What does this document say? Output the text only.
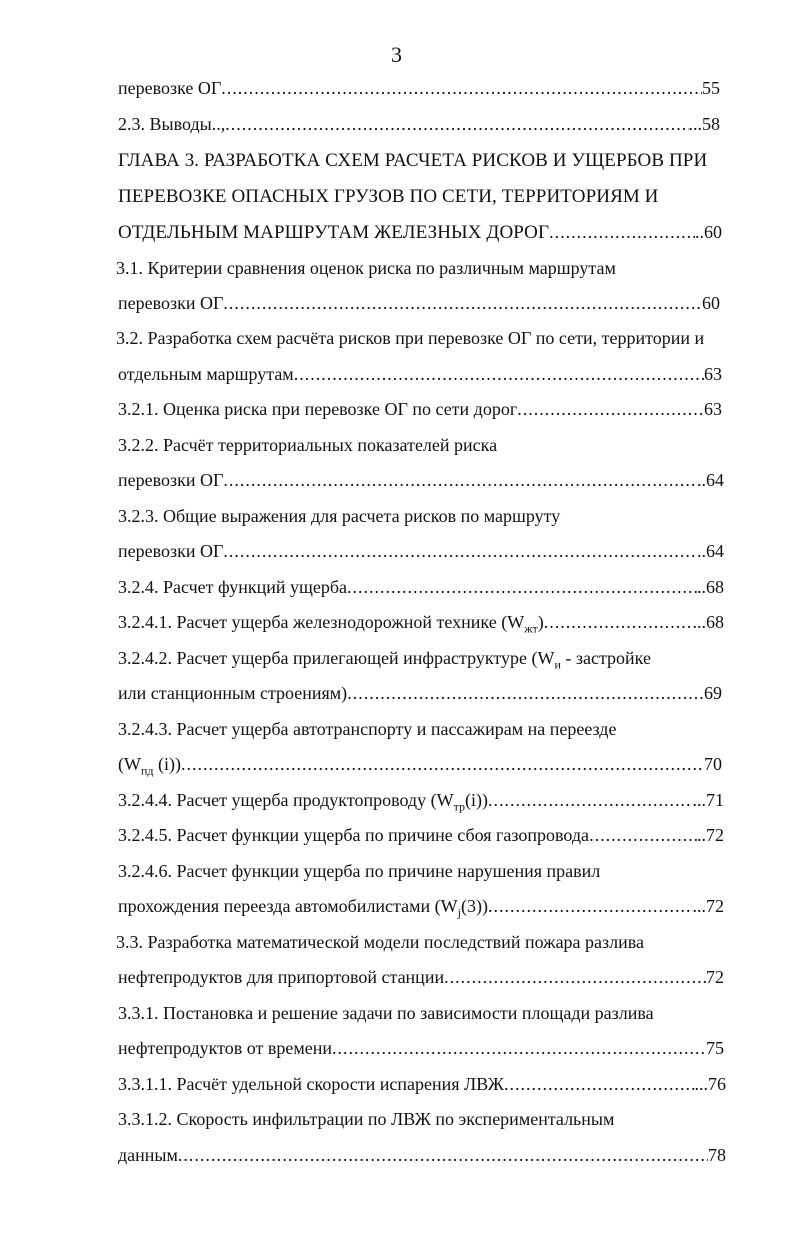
3
перевозке ОГ .....	55
2.3. Выводы.., .....	...58
ГЛАВА 3. РАЗРАБОТКА СХЕМ РАСЧЕТА РИСКОВ И УЩЕРБОВ ПРИ
ПЕРЕВОЗКЕ ОПАСНЫХ ГРУЗОВ ПО СЕТИ, ТЕРРИТОРИЯМ И
ОТДЕЛЬНЫМ МАРШРУТАМ ЖЕЛЕЗНЫХ ДОРОГ .....	..60
3.1. Критерии сравнения оценок риска по различным маршрутам
перевозки ОГ .....	60
3.2. Разработка схем расчёта рисков при перевозке ОГ по сети, территории и
отдельным маршрутам .....	63
3.2.1. Оценка риска при перевозке ОГ по сети дорог .....	63
3.2.2. Расчёт территориальных показателей риска
перевозки ОГ .....	..64
3.2.3. Общие выражения для расчета рисков по маршруту
перевозки ОГ .....	..64
3.2.4. Расчет функций ущерба .....	..68
3.2.4.1. Расчет ущерба железнодорожной технике $(W_{жт})$ .....	...68
3.2.4.2. Расчет ущерба прилегающей инфраструктуре ($W_и$ - застройке
или станционным строениям) .....	69
3.2.4.3. Расчет ущерба автотранспорту и пассажирам на переезде
($W_{пд}$ (i)) .....	70
3.2.4.4. Расчет ущерба продуктопроводу $(W_{тр}(i))$ .....	...71
3.2.4.5. Расчет функции ущерба по причине сбоя газопровода .....	..72
3.2.4.6. Расчет функции ущерба по причине нарушения правил
прохождения переезда автомобилистами $(W_j(3))$ .....	...72
3.3. Разработка математической модели последствий пожара разлива
нефтепродуктов для припортовой станции .....	72
3.3.1. Постановка и решение задачи по зависимости площади разлива
нефтепродуктов от времени .....	75
3.3.1.1. Расчёт удельной скорости испарения ЛВЖ .....	...76
3.3.1.2. Скорость инфильтрации по ЛВЖ по экспериментальным
данным .....	78
